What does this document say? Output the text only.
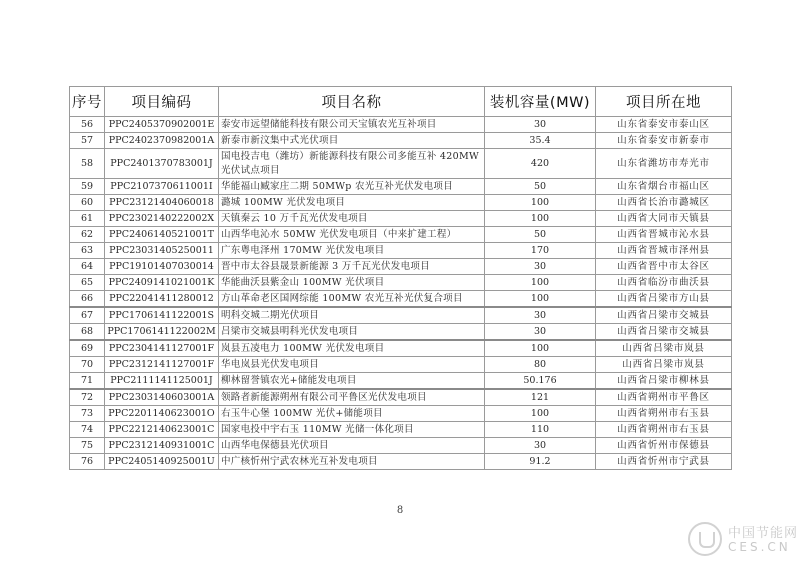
序号	项目编码	项目名称	装机容量(MW)	项目所在地
56	PPC2405370902001E	泰安市远望储能科技有限公司天宝镇农光互补项目	30	山东省泰安市泰山区
57	PPC2402370982001A	新泰市新汶集中式光伏项目	35.4	山东省泰安市新泰市
58	PPC2401370783001J	国电投吉电（潍坊）新能源科技有限公司多能互补 420MW 光伏试点项目	420	山东省潍坊市寿光市
59	PPC2107370611001I	华能福山臧家庄二期 50MWp 农光互补光伏发电项目	50	山东省烟台市福山区
60	PPC23121404060018	潞城 100MW 光伏发电项目	100	山西省长治市潞城区
61	PPC2302140222002X	天镇秦云 10 万千瓦光伏发电项目	100	山西省大同市天镇县
62	PPC2406140521001T	山西华电沁水 50MW 光伏发电项目（中来扩建工程）	50	山西省晋城市沁水县
63	PPC23031405250011	广东粤电泽州 170MW 光伏发电项目	170	山西省晋城市泽州县
64	PPC19101407030014	晋中市太谷县晟景新能源 3 万千瓦光伏发电项目	30	山西省晋中市太谷区
65	PPC2409141021001K	华能曲沃县紫金山 100MW 光伏项目	100	山西省临汾市曲沃县
66	PPC22041411280012	方山革命老区国网综能 100MW 农光互补光伏复合项目	100	山西省吕梁市方山县
67	PPC1706141122001S	明科交城二期光伏项目	30	山西省吕梁市交城县
68	PPC1706141122002M	吕梁市交城县明科光伏发电项目	30	山西省吕梁市交城县
69	PPC2304141127001F	岚县五凌电力 100MW 光伏发电项目	100	山西省吕梁市岚县
70	PPC2312141127001F	华电岚县光伏发电项目	80	山西省吕梁市岚县
71	PPC2111141125001J	柳林留誉镇农光+储能发电项目	50.176	山西省吕梁市柳林县
72	PPC2303140603001A	领路者新能源朔州有限公司平鲁区光伏发电项目	121	山西省朔州市平鲁区
73	PPC2201140623001O	右玉牛心堡 100MW 光伏+储能项目	100	山西省朔州市右玉县
74	PPC2212140623001C	国家电投中宇右玉 110MW 光储一体化项目	110	山西省朔州市右玉县
75	PPC2312140931001C	山西华电保德县光伏项目	30	山西省忻州市保德县
76	PPC2405140925001U	中广核忻州宁武农林光互补发电项目	91.2	山西省忻州市宁武县
8
中国节能网
CES.CN
